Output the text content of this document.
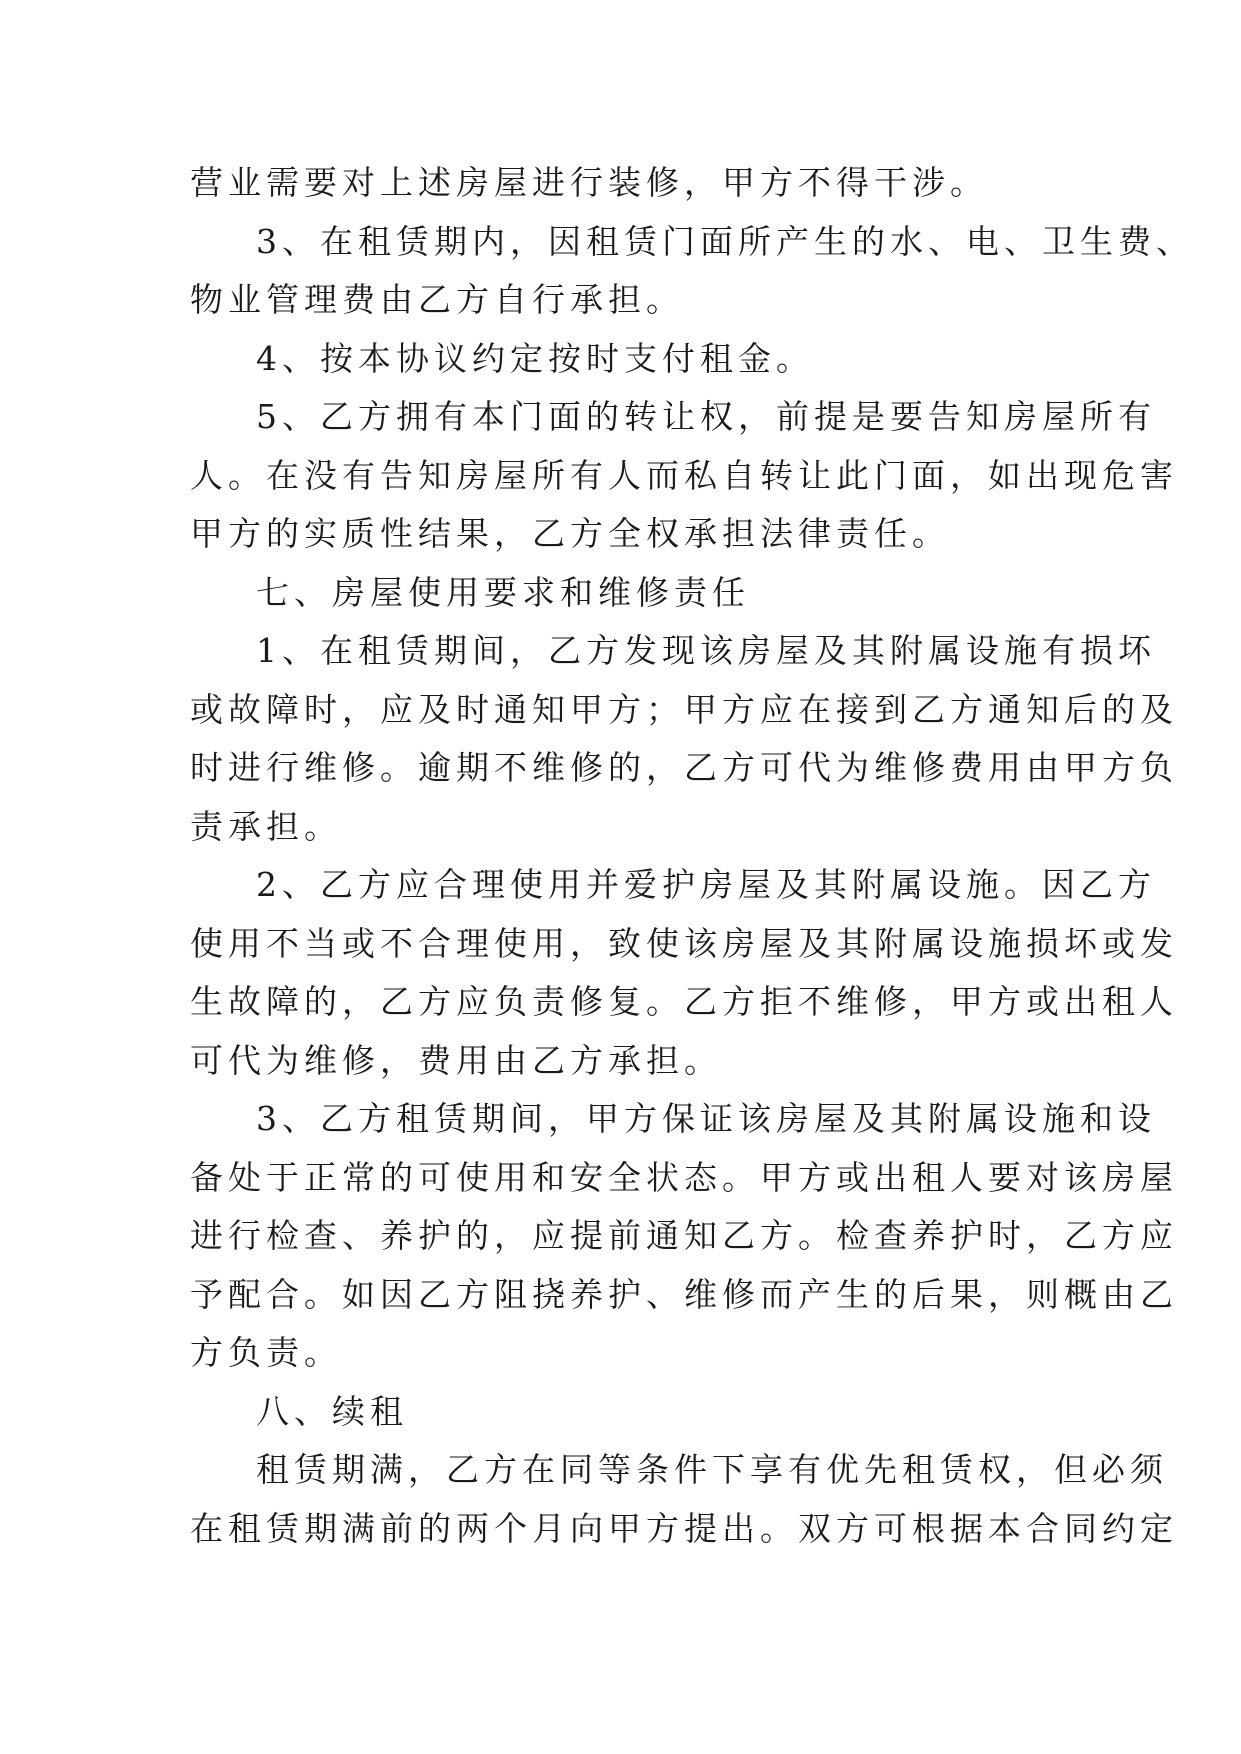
营业需要对上述房屋进行装修，甲方不得干涉。
3、在租赁期内，因租赁门面所产生的水、电、卫生费、
物业管理费由乙方自行承担。
4、按本协议约定按时支付租金。
5、乙方拥有本门面的转让权，前提是要告知房屋所有
人。在没有告知房屋所有人而私自转让此门面，如出现危害
甲方的实质性结果，乙方全权承担法律责任。
七、房屋使用要求和维修责任
1、在租赁期间，乙方发现该房屋及其附属设施有损坏
或故障时，应及时通知甲方；甲方应在接到乙方通知后的及
时进行维修。逾期不维修的，乙方可代为维修费用由甲方负
责承担。
2、乙方应合理使用并爱护房屋及其附属设施。因乙方
使用不当或不合理使用，致使该房屋及其附属设施损坏或发
生故障的，乙方应负责修复。乙方拒不维修，甲方或出租人
可代为维修，费用由乙方承担。
3、乙方租赁期间，甲方保证该房屋及其附属设施和设
备处于正常的可使用和安全状态。甲方或出租人要对该房屋
进行检查、养护的，应提前通知乙方。检查养护时，乙方应
予配合。如因乙方阻挠养护、维修而产生的后果，则概由乙
方负责。
八、续租
租赁期满，乙方在同等条件下享有优先租赁权，但必须
在租赁期满前的两个月向甲方提出。双方可根据本合同约定
